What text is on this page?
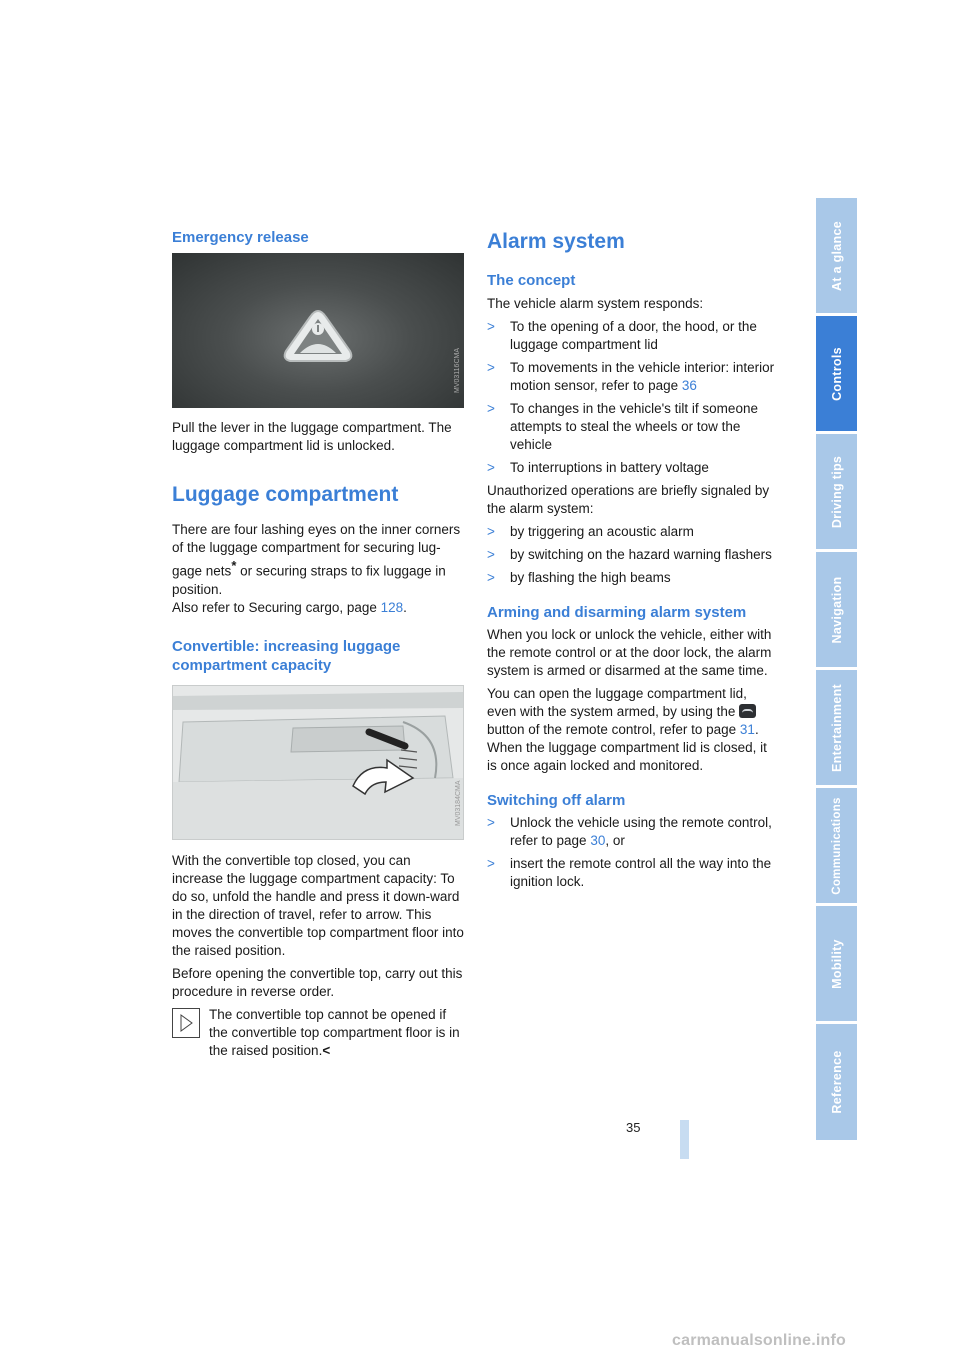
Emergency release
MV03116CMA

Pull the lever in the luggage compartment. The luggage compartment lid is unlocked.

Luggage compartment

There are four lashing eyes on the inner corners of the luggage compartment for securing lug-gage nets* or securing straps to fix luggage in position.

Also refer to Securing cargo, page 128.

Convertible: increasing luggage compartment capacity
MV03184CMA

With the convertible top closed, you can increase the luggage compartment capacity: To do so, unfold the handle and press it down-ward in the direction of travel, refer to arrow. This moves the convertible top compartment floor into the raised position.

Before opening the convertible top, carry out this procedure in reverse order.

The convertible top cannot be opened if the convertible top compartment floor is in the raised position.<

Alarm system
The concept

The vehicle alarm system responds:

> To the opening of a door, the hood, or the luggage compartment lid
> To movements in the vehicle interior: interior motion sensor, refer to page 36
> To changes in the vehicle's tilt if someone attempts to steal the wheels or tow the vehicle
> To interruptions in battery voltage

Unauthorized operations are briefly signaled by the alarm system:

> by triggering an acoustic alarm
> by switching on the hazard warning flashers
> by flashing the high beams
Arming and disarming alarm system

When you lock or unlock the vehicle, either with the remote control or at the door lock, the alarm system is armed or disarmed at the same time.

You can open the luggage compartment lid, even with the system armed, by using the
button of the remote control, refer to page 31. When the luggage compartment lid is closed, it is once again locked and monitored.

Switching off alarm
> Unlock the vehicle using the remote control, refer to page 30, or
> insert the remote control all the way into the ignition lock.
At a glance
Controls
Driving tips
Navigation
Entertainment
Communications
Mobility
Reference
35
carmanualsonline.info
